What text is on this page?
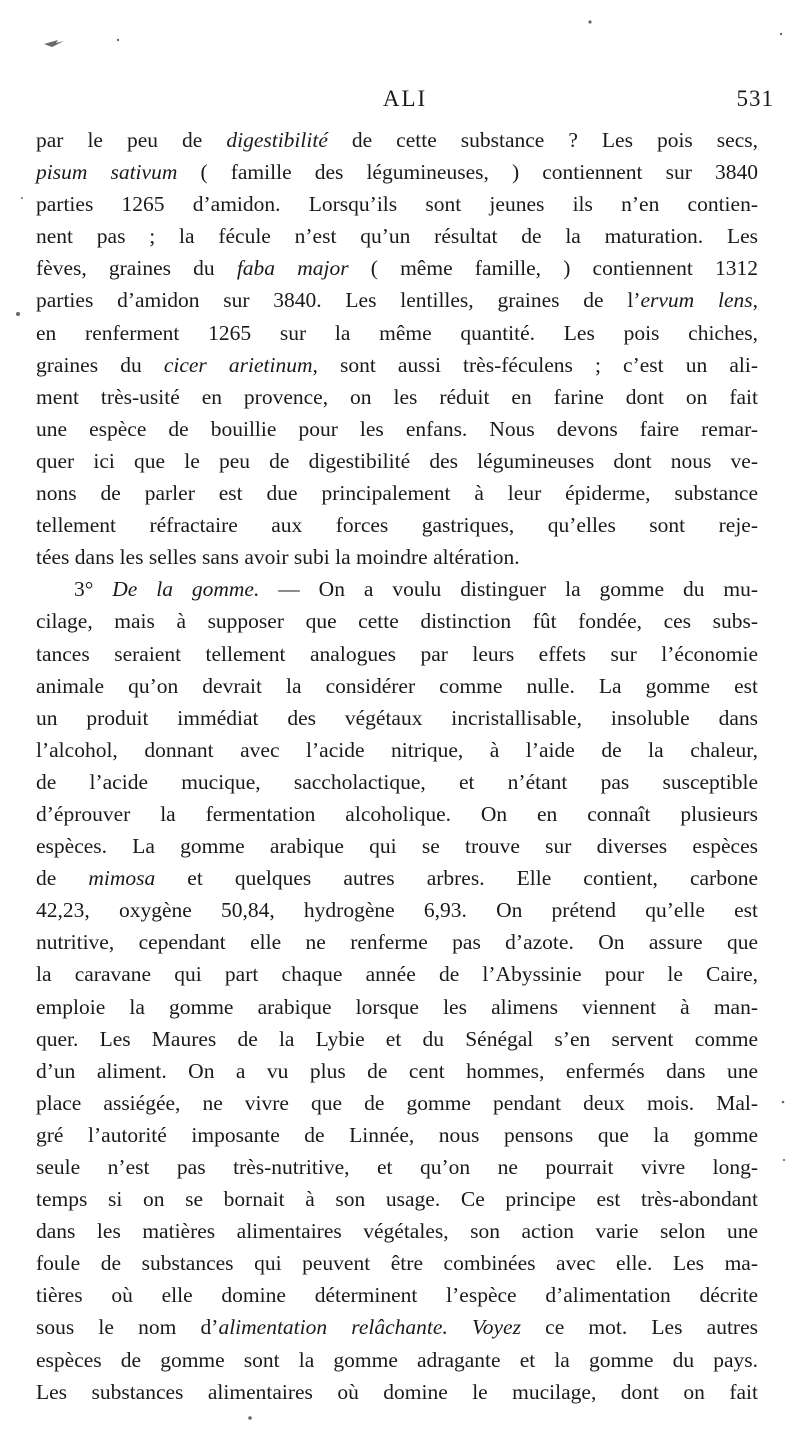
ALI	531
par le peu de digestibilité de cette substance ? Les pois secs,
pisum sativum ( famille des légumineuses, ) contiennent sur 3840
parties 1265 d’amidon. Lorsqu’ils sont jeunes ils n’en contien-
nent pas ; la fécule n’est qu’un résultat de la maturation. Les
fèves, graines du faba major ( même famille, ) contiennent 1312
parties d’amidon sur 3840. Les lentilles, graines de l’ervum lens,
en renferment 1265 sur la même quantité. Les pois chiches,
graines du cicer arietinum, sont aussi très-féculens ; c’est un ali-
ment très-usité en provence, on les réduit en farine dont on fait
une espèce de bouillie pour les enfans. Nous devons faire remar-
quer ici que le peu de digestibilité des légumineuses dont nous ve-
nons de parler est due principalement à leur épiderme, substance
tellement réfractaire aux forces gastriques, qu’elles sont reje-
tées dans les selles sans avoir subi la moindre altération.
3° De la gomme. — On a voulu distinguer la gomme du mu-
cilage, mais à supposer que cette distinction fût fondée, ces subs-
tances seraient tellement analogues par leurs effets sur l’économie
animale qu’on devrait la considérer comme nulle. La gomme est
un produit immédiat des végétaux incristallisable, insoluble dans
l’alcohol, donnant avec l’acide nitrique, à l’aide de la chaleur,
de l’acide mucique, saccholactique, et n’étant pas susceptible
d’éprouver la fermentation alcoholique. On en connaît plusieurs
espèces. La gomme arabique qui se trouve sur diverses espèces
de mimosa et quelques autres arbres. Elle contient, carbone
42,23, oxygène 50,84, hydrogène 6,93. On prétend qu’elle est
nutritive, cependant elle ne renferme pas d’azote. On assure que
la caravane qui part chaque année de l’Abyssinie pour le Caire,
emploie la gomme arabique lorsque les alimens viennent à man-
quer. Les Maures de la Lybie et du Sénégal s’en servent comme
d’un aliment. On a vu plus de cent hommes, enfermés dans une
place assiégée, ne vivre que de gomme pendant deux mois. Mal-
gré l’autorité imposante de Linnée, nous pensons que la gomme
seule n’est pas très-nutritive, et qu’on ne pourrait vivre long-
temps si on se bornait à son usage. Ce principe est très-abondant
dans les matières alimentaires végétales, son action varie selon une
foule de substances qui peuvent être combinées avec elle. Les ma-
tières où elle domine déterminent l’espèce d’alimentation décrite
sous le nom d’alimentation relâchante. Voyez ce mot. Les autres
espèces de gomme sont la gomme adragante et la gomme du pays.
Les substances alimentaires où domine le mucilage, dont on fait
